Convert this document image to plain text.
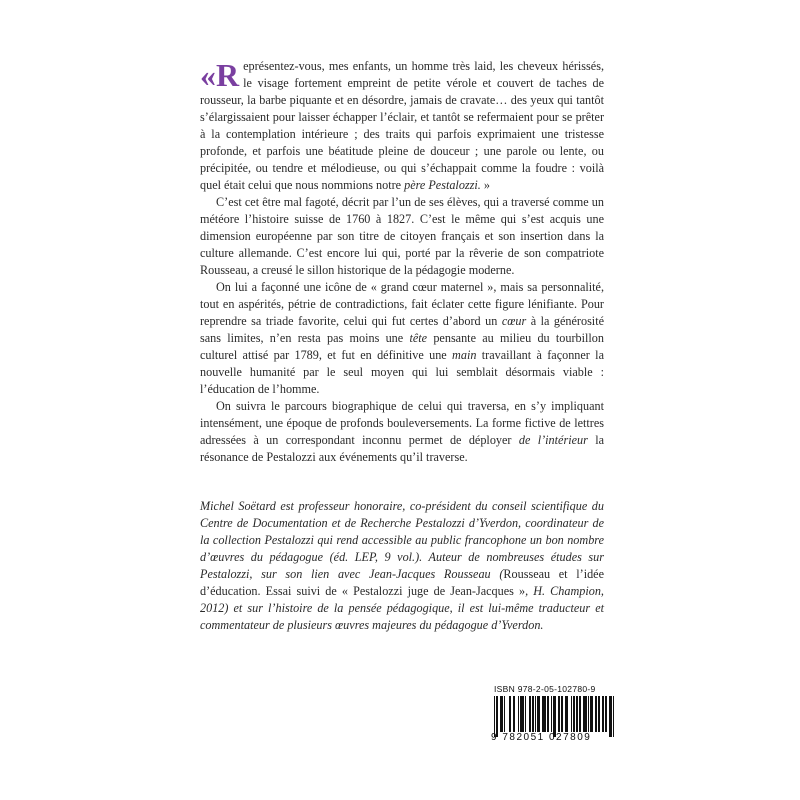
«Représentez-vous, mes enfants, un homme très laid, les cheveux hérissés, le visage fortement empreint de petite vérole et couvert de taches de rousseur, la barbe piquante et en désordre, jamais de cravate… des yeux qui tantôt s’élargissaient pour laisser échapper l’éclair, et tantôt se refermaient pour se prêter à la contemplation intérieure ; des traits qui parfois exprimaient une tristesse profonde, et parfois une béatitude pleine de douceur ; une parole ou lente, ou précipitée, ou tendre et mélodieuse, ou qui s’échappait comme la foudre : voilà quel était celui que nous nommions notre père Pestalozzi. »

C’est cet être mal fagoté, décrit par l’un de ses élèves, qui a traversé comme un météore l’histoire suisse de 1760 à 1827. C’est le même qui s’est acquis une dimension européenne par son titre de citoyen français et son insertion dans la culture allemande. C’est encore lui qui, porté par la rêverie de son compatriote Rousseau, a creusé le sillon historique de la pédagogie moderne.

On lui a façonné une icône de « grand cœur maternel », mais sa personnalité, tout en aspérités, pétrie de contradictions, fait éclater cette figure lénifiante. Pour reprendre sa triade favorite, celui qui fut certes d’abord un cœur à la générosité sans limites, n’en resta pas moins une tête pensante au milieu du tourbillon culturel attisé par 1789, et fut en définitive une main travaillant à façonner la nouvelle humanité par le seul moyen qui lui semblait désormais viable : l’éducation de l’homme.

On suivra le parcours biographique de celui qui traversa, en s’y impliquant intensément, une époque de profonds bouleversements. La forme fictive de lettres adressées à un correspondant inconnu permet de déployer de l’intérieur la résonance de Pestalozzi aux événements qu’il traverse.

Michel Soëtard est professeur honoraire, co-président du conseil scientifique du Centre de Documentation et de Recherche Pestalozzi d’Yverdon, coordinateur de la collection Pestalozzi qui rend accessible au public francophone un bon nombre d’œuvres du pédagogue (éd. LEP, 9 vol.). Auteur de nombreuses études sur Pestalozzi, sur son lien avec Jean-Jacques Rousseau (Rousseau et l’idée d’éducation. Essai suivi de « Pestalozzi juge de Jean-Jacques », H. Champion, 2012) et sur l’histoire de la pensée pédagogique, il est lui-même traducteur et commentateur de plusieurs œuvres majeures du pédagogue d’Yverdon.

ISBN 978-2-05-102780-9
9 782051 027809
